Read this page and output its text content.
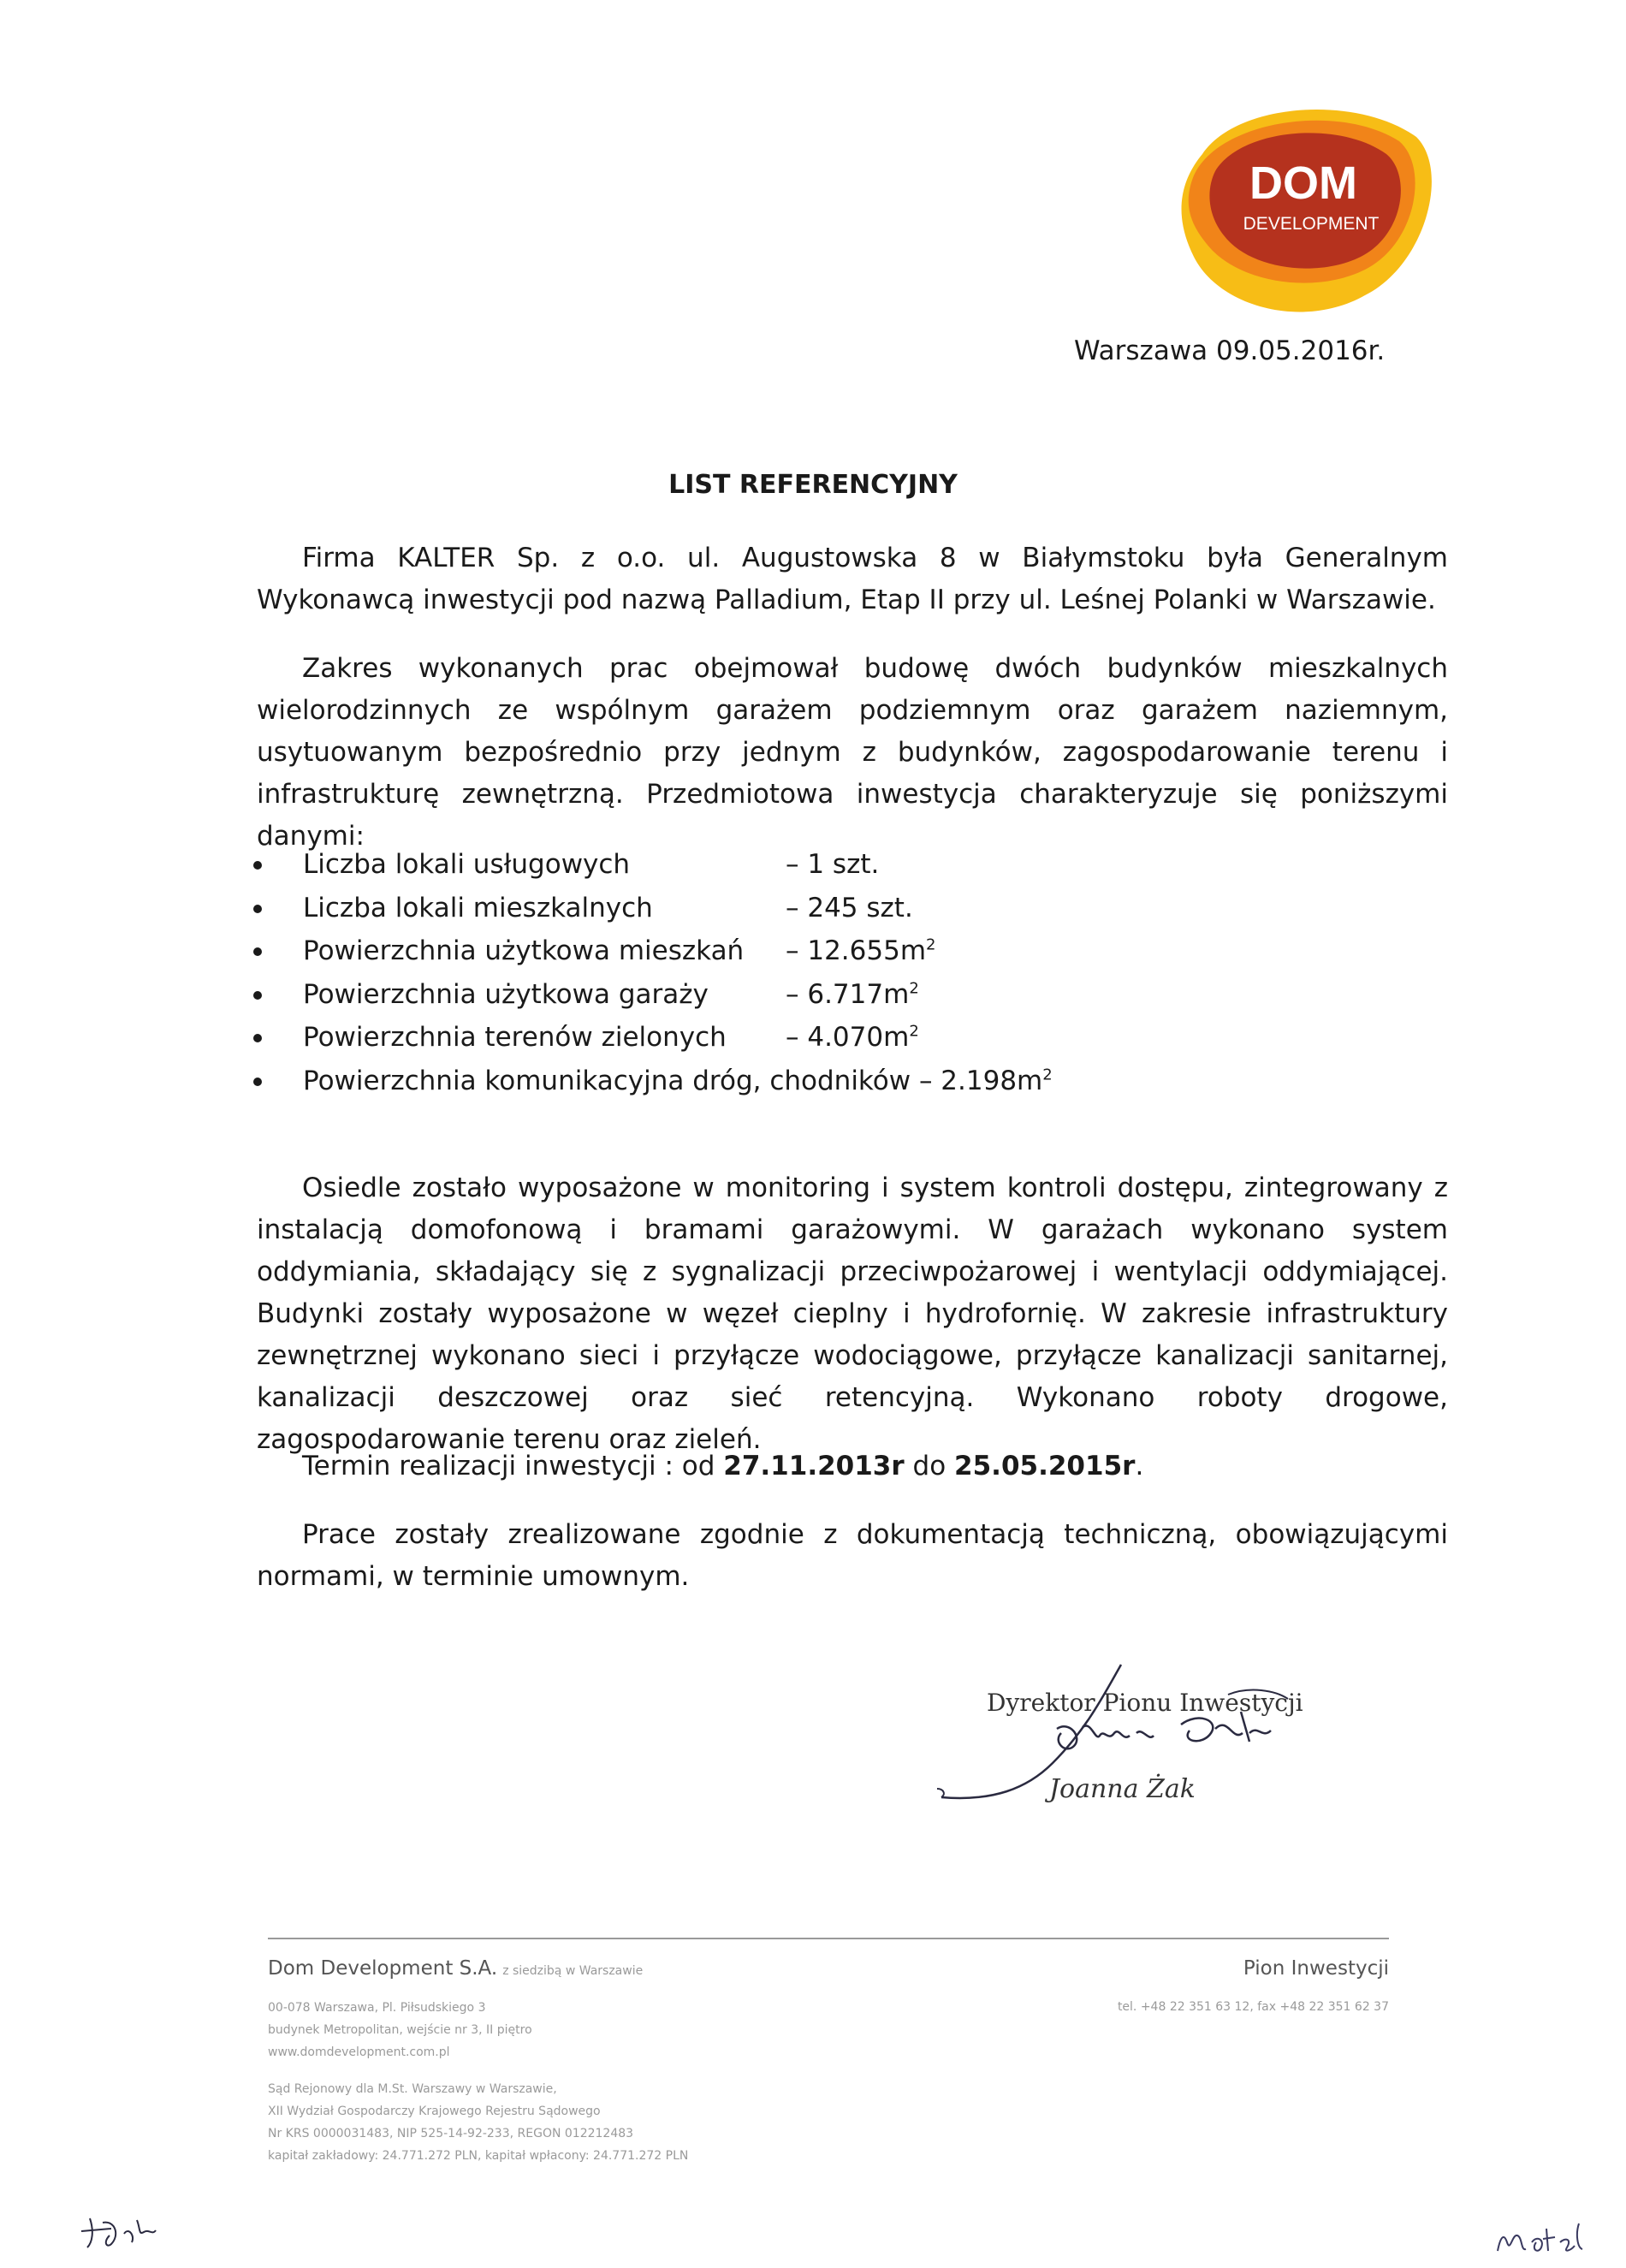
DOM
DEVELOPMENT
Warszawa 09.05.2016r.
LIST REFERENCYJNY
Firma KALTER Sp. z o.o. ul. Augustowska 8 w Białymstoku była Generalnym Wykonawcą inwestycji pod nazwą Palladium, Etap II przy ul. Leśnej Polanki w Warszawie.
Zakres wykonanych prac obejmował budowę dwóch budynków mieszkalnych wielorodzinnych ze wspólnym garażem podziemnym oraz garażem naziemnym, usytuowanym bezpośrednio przy jednym z budynków, zagospodarowanie terenu i infrastrukturę zewnętrzną. Przedmiotowa inwestycja charakteryzuje się poniższymi danymi:
Liczba lokali usługowych	– 1 szt.
Liczba lokali mieszkalnych	– 245 szt.
Powierzchnia użytkowa mieszkań – $12.655m^2$
Powierzchnia użytkowa garaży	– $6.717m^2$
Powierzchnia terenów zielonych – $4.070m^2$
Powierzchnia komunikacyjna dróg, chodników – $2.198m^2$
Osiedle zostało wyposażone w monitoring i system kontroli dostępu, zintegrowany z instalacją domofonową i bramami garażowymi. W garażach wykonano system oddymiania, składający się z sygnalizacji przeciwpożarowej i wentylacji oddymiającej. Budynki zostały wyposażone w węzeł cieplny i hydrofornię. W zakresie infrastruktury zewnętrznej wykonano sieci i przyłącze wodociągowe, przyłącze kanalizacji sanitarnej, kanalizacji deszczowej oraz sieć retencyjną. Wykonano roboty drogowe, zagospodarowanie terenu oraz zieleń.
Termin realizacji inwestycji : od 27.11.2013r do 25.05.2015r.
Prace zostały zrealizowane zgodnie z dokumentacją techniczną, obowiązującymi normami, w terminie umownym.
Dyrektor Pionu Inwestycji
Joanna Żak
Dom Development S.A. z siedzibą w Warszawie	Pion Inwestycji
tel. +48 22 351 63 12, fax +48 22 351 62 37
00-078 Warszawa, Pl. Piłsudskiego 3
budynek Metropolitan, wejście nr 3, II piętro
www.domdevelopment.com.pl
Sąd Rejonowy dla M.St. Warszawy w Warszawie,
XII Wydział Gospodarczy Krajowego Rejestru Sądowego
Nr KRS 0000031483, NIP 525-14-92-233, REGON 012212483
kapitał zakładowy: 24.771.272 PLN, kapitał wpłacony: 24.771.272 PLN
